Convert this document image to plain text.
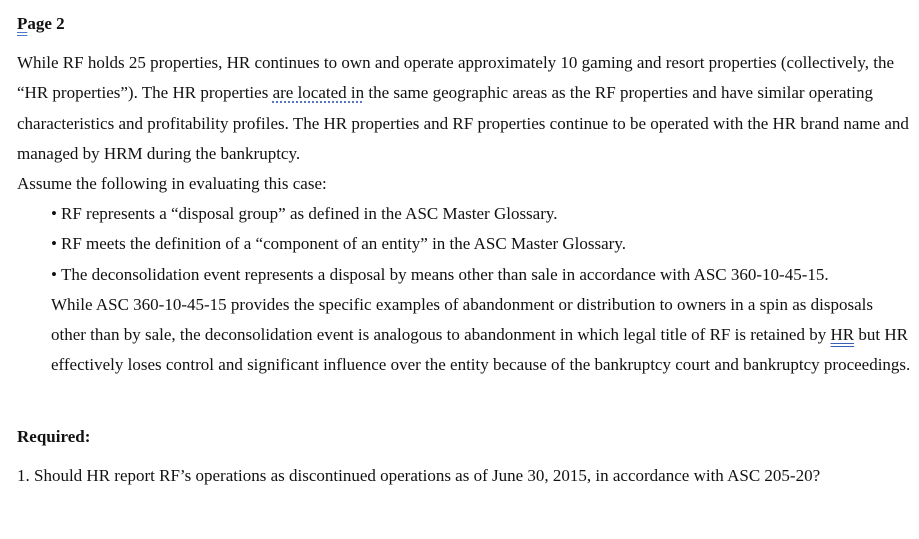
Page 2
While RF holds 25 properties, HR continues to own and operate approximately 10 gaming and resort properties (collectively, the “HR properties”). The HR properties are located in the same geographic areas as the RF properties and have similar operating characteristics and profitability profiles. The HR properties and RF properties continue to be operated with the HR brand name and managed by HRM during the bankruptcy.
Assume the following in evaluating this case:
• RF represents a “disposal group” as defined in the ASC Master Glossary.
• RF meets the definition of a “component of an entity” in the ASC Master Glossary.
• The deconsolidation event represents a disposal by means other than sale in accordance with ASC 360-10-45-15.
While ASC 360-10-45-15 provides the specific examples of abandonment or distribution to owners in a spin as disposals other than by sale, the deconsolidation event is analogous to abandonment in which legal title of RF is retained by HR but HR effectively loses control and significant influence over the entity because of the bankruptcy court and bankruptcy proceedings.
Required:
1. Should HR report RF’s operations as discontinued operations as of June 30, 2015, in accordance with ASC 205-20?
